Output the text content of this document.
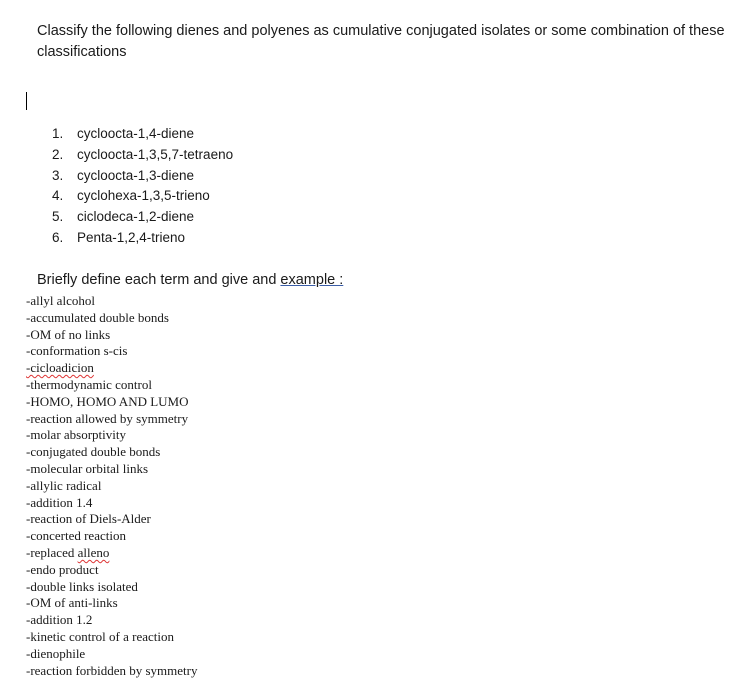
Classify the following dienes and polyenes as cumulative conjugated isolates or some combination of these classifications
1. cycloocta-1,4-diene
2. cycloocta-1,3,5,7-tetraeno
3. cycloocta-1,3-diene
4. cyclohexa-1,3,5-trieno
5. ciclodeca-1,2-diene
6. Penta-1,2,4-trieno
Briefly define each term and give and example :
-allyl alcohol
-accumulated double bonds
-OM of no links
-conformation s-cis
-cicloadicion
-thermodynamic control
-HOMO, HOMO AND LUMO
-reaction allowed by symmetry
-molar absorptivity
-conjugated double bonds
-molecular orbital links
-allylic radical
-addition 1.4
-reaction of Diels-Alder
-concerted reaction
-replaced alleno
-endo product
-double links isolated
-OM of anti-links
-addition 1.2
-kinetic control of a reaction
-dienophile
-reaction forbidden by symmetry
